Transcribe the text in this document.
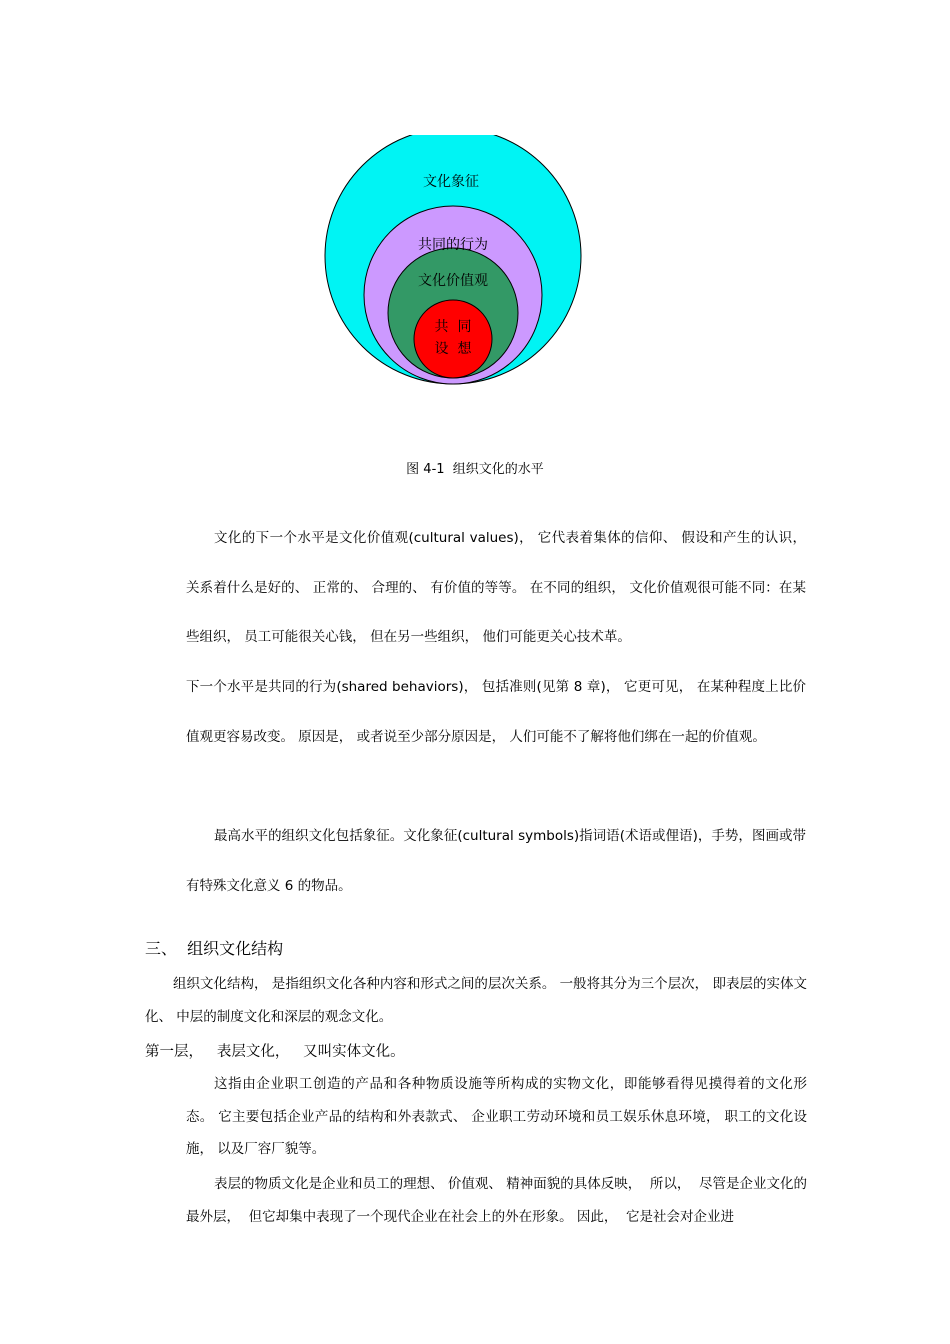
文化象征
共同的行为
文化价值观
共  同
设  想
图 4-1  组织文化的水平

文化的下一个水平是文化价值观(cultural values)， 它代表着集体的信仰、 假设和产生的认识， 关系着什么是好的、 正常的、 合理的、 有价值的等等。 在不同的组织， 文化价值观很可能不同：在某些组织， 员工可能很关心钱， 但在另一些组织， 他们可能更关心技术革。

下一个水平是共同的行为(shared behaviors)， 包括准则(见第 8 章)， 它更可见， 在某种程度上比价值观更容易改变。 原因是， 或者说至少部分原因是， 人们可能不了解将他们绑在一起的价值观。

最高水平的组织文化包括象征。文化象征(cultural symbols)指词语(术语或俚语)，手势，图画或带有特殊文化意义 6 的物品。

三、  组织文化结构

组织文化结构， 是指组织文化各种内容和形式之间的层次关系。 一般将其分为三个层次， 即表层的实体文化、 中层的制度文化和深层的观念文化。

第一层，   表层文化，   又叫实体文化。

这指由企业职工创造的产品和各种物质设施等所构成的实物文化，即能够看得见摸得着的文化形态。 它主要包括企业产品的结构和外表款式、 企业职工劳动环境和员工娱乐休息环境， 职工的文化设施， 以及厂容厂貌等。

表层的物质文化是企业和员工的理想、 价值观、 精神面貌的具体反映，  所以，  尽管是企业文化的最外层，  但它却集中表现了一个现代企业在社会上的外在形象。 因此，  它是社会对企业进
